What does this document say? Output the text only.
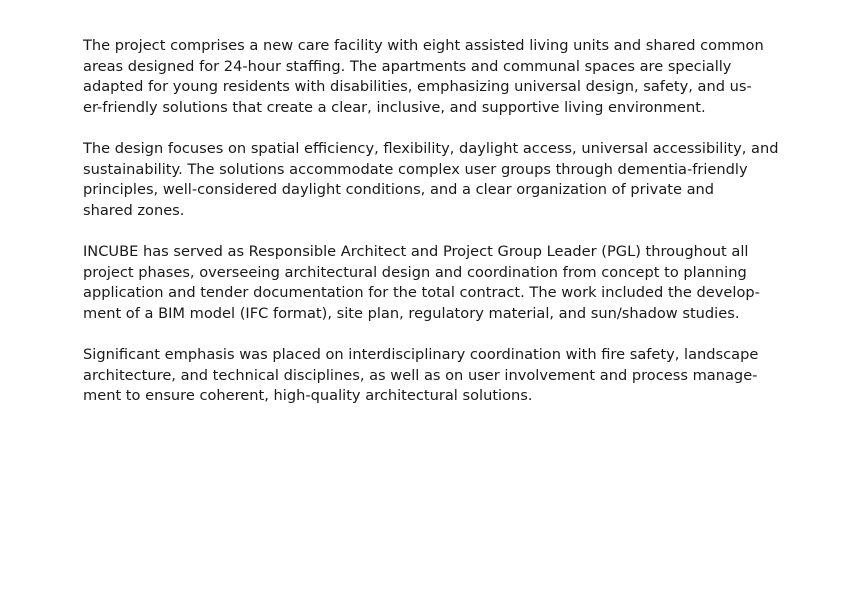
The project comprises a new care facility with eight assisted living units and shared common
areas designed for 24-hour staffing. The apartments and communal spaces are specially
adapted for young residents with disabilities, emphasizing universal design, safety, and us-
er-friendly solutions that create a clear, inclusive, and supportive living environment.

The design focuses on spatial efficiency, flexibility, daylight access, universal accessibility, and
sustainability. The solutions accommodate complex user groups through dementia-friendly
principles, well-considered daylight conditions, and a clear organization of private and
shared zones.

INCUBE has served as Responsible Architect and Project Group Leader (PGL) throughout all
project phases, overseeing architectural design and coordination from concept to planning
application and tender documentation for the total contract. The work included the develop-
ment of a BIM model (IFC format), site plan, regulatory material, and sun/shadow studies.

Significant emphasis was placed on interdisciplinary coordination with fire safety, landscape
architecture, and technical disciplines, as well as on user involvement and process manage-
ment to ensure coherent, high-quality architectural solutions.
